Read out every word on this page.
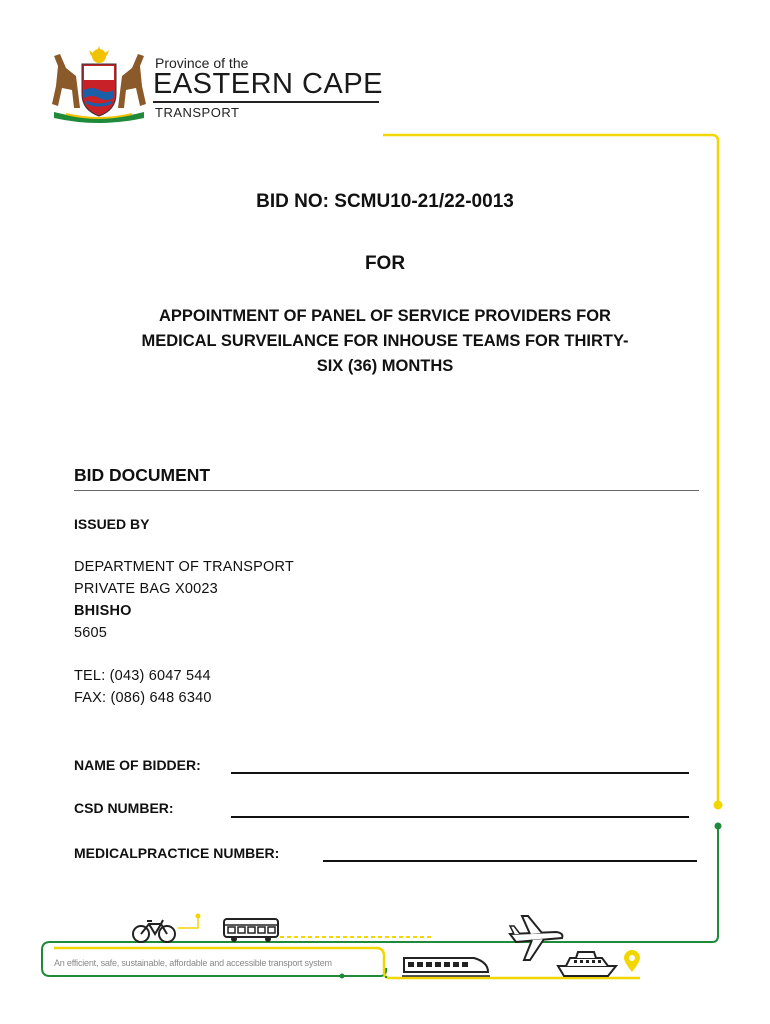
Province of the
EASTERN CAPE
TRANSPORT
BID NO: SCMU10-21/22-0013
FOR
APPOINTMENT OF PANEL OF SERVICE PROVIDERS FOR
MEDICAL SURVEILANCE FOR INHOUSE TEAMS FOR THIRTY-
SIX (36) MONTHS
BID DOCUMENT
ISSUED BY
DEPARTMENT OF TRANSPORT
PRIVATE BAG X0023
BHISHO
5605
TEL: (043) 6047 544
FAX: (086) 648 6340
NAME OF BIDDER:
CSD NUMBER:
MEDICALPRACTICE NUMBER:
An efficient, safe, sustainable, affordable and accessible transport system
